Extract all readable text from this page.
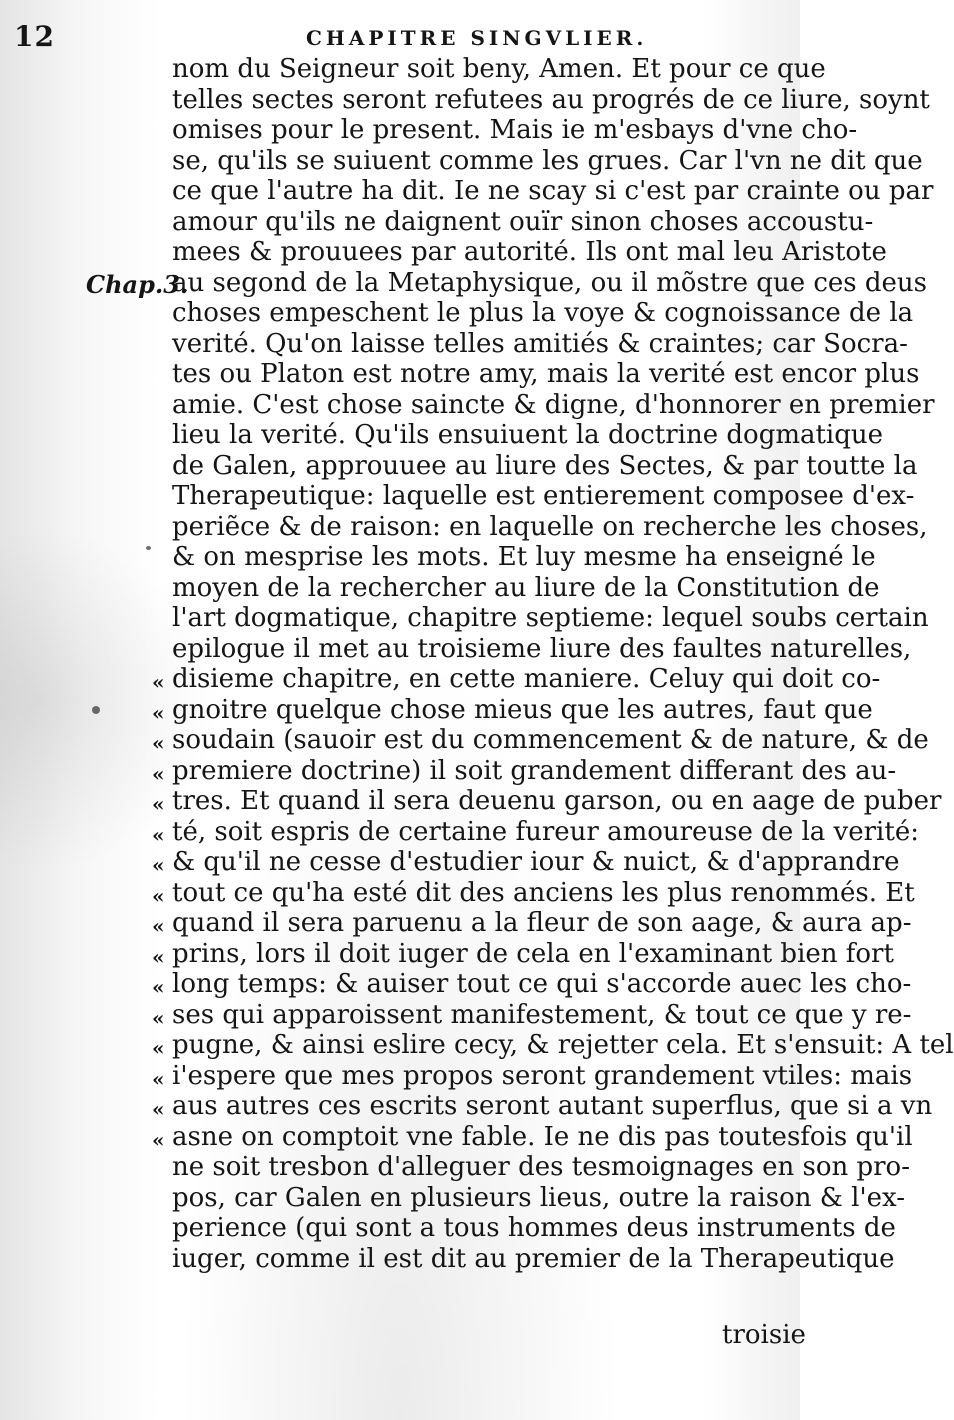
12	CHAPITRE SINGVLIER.
Chap.3.
nom du Seigneur soit beny, Amen. Et pour ce que
telles sectes seront refutees au progrés de ce liure, soynt
omises pour le present. Mais ie m'esbays d'vne cho-
se, qu'ils se suiuent comme les grues. Car l'vn ne dit que
ce que l'autre ha dit. Ie ne scay si c'est par crainte ou par
amour qu'ils ne daignent ouïr sinon choses accoustu-
mees & prouuees par autorité. Ils ont mal leu Aristote
au segond de la Metaphysique, ou il mõstre que ces deus
choses empeschent le plus la voye & cognoissance de la
verité. Qu'on laisse telles amitiés & craintes; car Socra-
tes ou Platon est notre amy, mais la verité est encor plus
amie. C'est chose saincte & digne, d'honnorer en premier
lieu la verité. Qu'ils ensuiuent la doctrine dogmatique
de Galen, approuuee au liure des Sectes, & par toutte la
Therapeutique: laquelle est entierement composee d'ex-
periẽce & de raison: en laquelle on recherche les choses,
& on mesprise les mots. Et luy mesme ha enseigné le
moyen de la rechercher au liure de la Constitution de
l'art dogmatique, chapitre septieme: lequel soubs certain
epilogue il met au troisieme liure des faultes naturelles,
disieme chapitre, en cette maniere. Celuy qui doit co-
gnoitre quelque chose mieus que les autres, faut que
soudain (sauoir est du commencement & de nature, & de
premiere doctrine) il soit grandement differant des au-
tres. Et quand il sera deuenu garson, ou en aage de puber
té, soit espris de certaine fureur amoureuse de la verité:
& qu'il ne cesse d'estudier iour & nuict, & d'apprandre
tout ce qu'ha esté dit des anciens les plus renommés. Et
quand il sera paruenu a la fleur de son aage, & aura ap-
prins, lors il doit iuger de cela en l'examinant bien fort
long temps: & auiser tout ce qui s'accorde auec les cho-
ses qui apparoissent manifestement, & tout ce que y re-
pugne, & ainsi eslire cecy, & rejetter cela. Et s'ensuit: A tel
i'espere que mes propos seront grandement vtiles: mais
aus autres ces escrits seront autant superflus, que si a vn
asne on comptoit vne fable. Ie ne dis pas toutesfois qu'il
ne soit tresbon d'alleguer des tesmoignages en son pro-
pos, car Galen en plusieurs lieus, outre la raison & l'ex-
perience (qui sont a tous hommes deus instruments de
iuger, comme il est dit au premier de la Therapeutique
«
«
«
«
«
«
«
«
«
«
«
«
«
«
«
«
troisie
